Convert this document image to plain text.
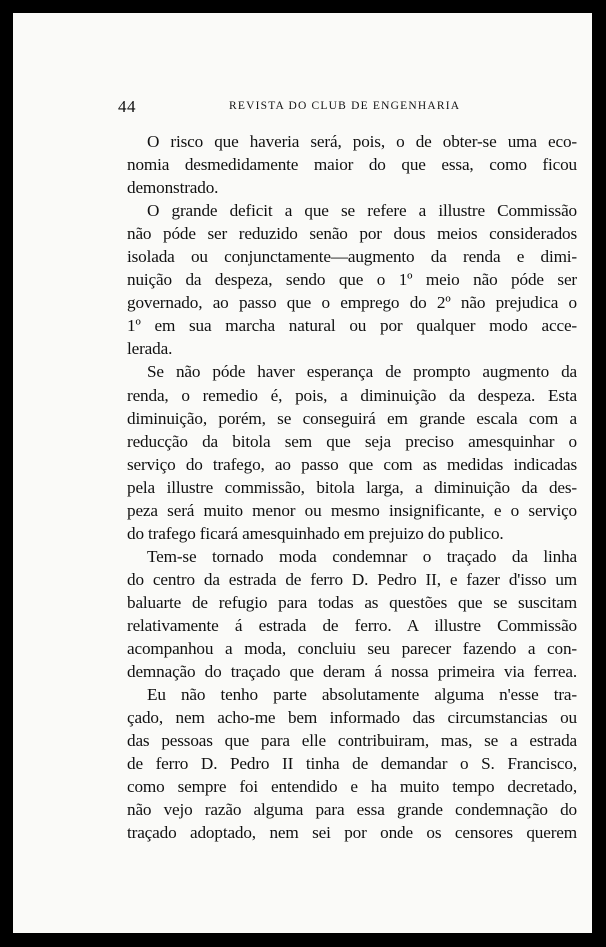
44	REVISTA DO CLUB DE ENGENHARIA

O risco que haveria será, pois, o de obter-se uma eco-
nomia desmedidamente maior do que essa, como ficou
demonstrado.

O grande deficit a que se refere a illustre Commissão
não póde ser reduzido senão por dous meios considerados
isolada ou conjunctamente—augmento da renda e dimi-
nuição da despeza, sendo que o 1º meio não póde ser
governado, ao passo que o emprego do 2º não prejudica o
1º em sua marcha natural ou por qualquer modo acce-
lerada.

Se não póde haver esperança de prompto augmento da
renda, o remedio é, pois, a diminuição da despeza. Esta
diminuição, porém, se conseguirá em grande escala com a
reducção da bitola sem que seja preciso amesquinhar o
serviço do trafego, ao passo que com as medidas indicadas
pela illustre commissão, bitola larga, a diminuição da des-
peza será muito menor ou mesmo insignificante, e o serviço
do trafego ficará amesquinhado em prejuizo do publico.

Tem-se tornado moda condemnar o traçado da linha
do centro da estrada de ferro D. Pedro II, e fazer d'isso um
baluarte de refugio para todas as questões que se suscitam
relativamente á estrada de ferro. A illustre Commissão
acompanhou a moda, concluiu seu parecer fazendo a con-
demnação do traçado que deram á nossa primeira via ferrea.

Eu não tenho parte absolutamente alguma n'esse tra-
çado, nem acho-me bem informado das circumstancias ou
das pessoas que para elle contribuiram, mas, se a estrada
de ferro D. Pedro II tinha de demandar o S. Francisco,
como sempre foi entendido e ha muito tempo decretado,
não vejo razão alguma para essa grande condemnação do
traçado adoptado, nem sei por onde os censores querem
